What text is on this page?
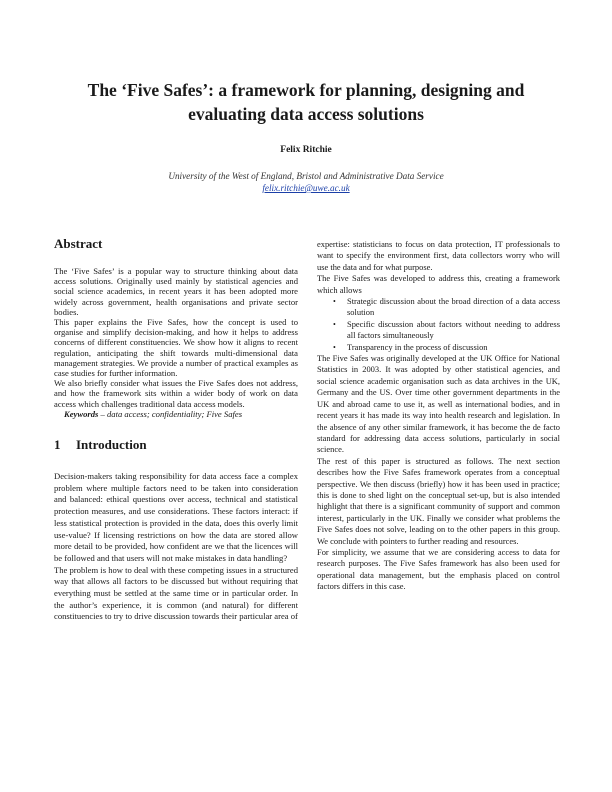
The ‘Five Safes’: a framework for planning, designing and
evaluating data access solutions
Felix Ritchie
University of the West of England, Bristol and Administrative Data Service
felix.ritchie@uwe.ac.uk
Abstract

The ‘Five Safes’ is a popular way to structure thinking about data access solutions. Originally used mainly by statistical agencies and social science academics, in recent years it has been adopted more widely across government, health organisations and private sector bodies.

This paper explains the Five Safes, how the concept is used to organise and simplify decision-making, and how it helps to address concerns of different constituencies. We show how it aligns to recent regulation, anticipating the shift towards multi-dimensional data management strategies. We provide a number of practical examples as case studies for further information.

We also briefly consider what issues the Five Safes does not address, and how the framework sits within a wider body of work on data access which challenges traditional data access models.

Keywords – data access; confidentiality; Five Safes

1 Introduction

Decision-makers taking responsibility for data access face a complex problem where multiple factors need to be taken into consideration and balanced: ethical questions over access, technical and statistical protection measures, and use considerations. These factors interact: if less statistical protection is provided in the data, does this overly limit use-value? If licensing restrictions on how the data are stored allow more detail to be provided, how confident are we that the licences will be followed and that users will not make mistakes in data handling?

The problem is how to deal with these competing issues in a structured way that allows all factors to be discussed but without requiring that everything must be settled at the same time or in particular order. In the author’s experience, it is common (and natural) for different constituencies to try to drive discussion towards their particular area of

expertise: statisticians to focus on data protection, IT professionals to want to specify the environment first, data collectors worry who will use the data and for what purpose.

The Five Safes was developed to address this, creating a framework which allows

• Strategic discussion about the broad direction of a data access solution
• Specific discussion about factors without needing to address all factors simultaneously
• Transparency in the process of discussion

The Five Safes was originally developed at the UK Office for National Statistics in 2003. It was adopted by other statistical agencies, and social science academic organisation such as data archives in the UK, Germany and the US. Over time other government departments in the UK and abroad came to use it, as well as international bodies, and in recent years it has made its way into health research and legislation. In the absence of any other similar framework, it has become the de facto standard for addressing data access solutions, particularly in social science.

The rest of this paper is structured as follows. The next section describes how the Five Safes framework operates from a conceptual perspective. We then discuss (briefly) how it has been used in practice; this is done to shed light on the conceptual set-up, but is also intended highlight that there is a significant community of support and common interest, particularly in the UK. Finally we consider what problems the Five Safes does not solve, leading on to the other papers in this group. We conclude with pointers to further reading and resources.

For simplicity, we assume that we are considering access to data for research purposes. The Five Safes framework has also been used for operational data management, but the emphasis placed on control factors differs in this case.
